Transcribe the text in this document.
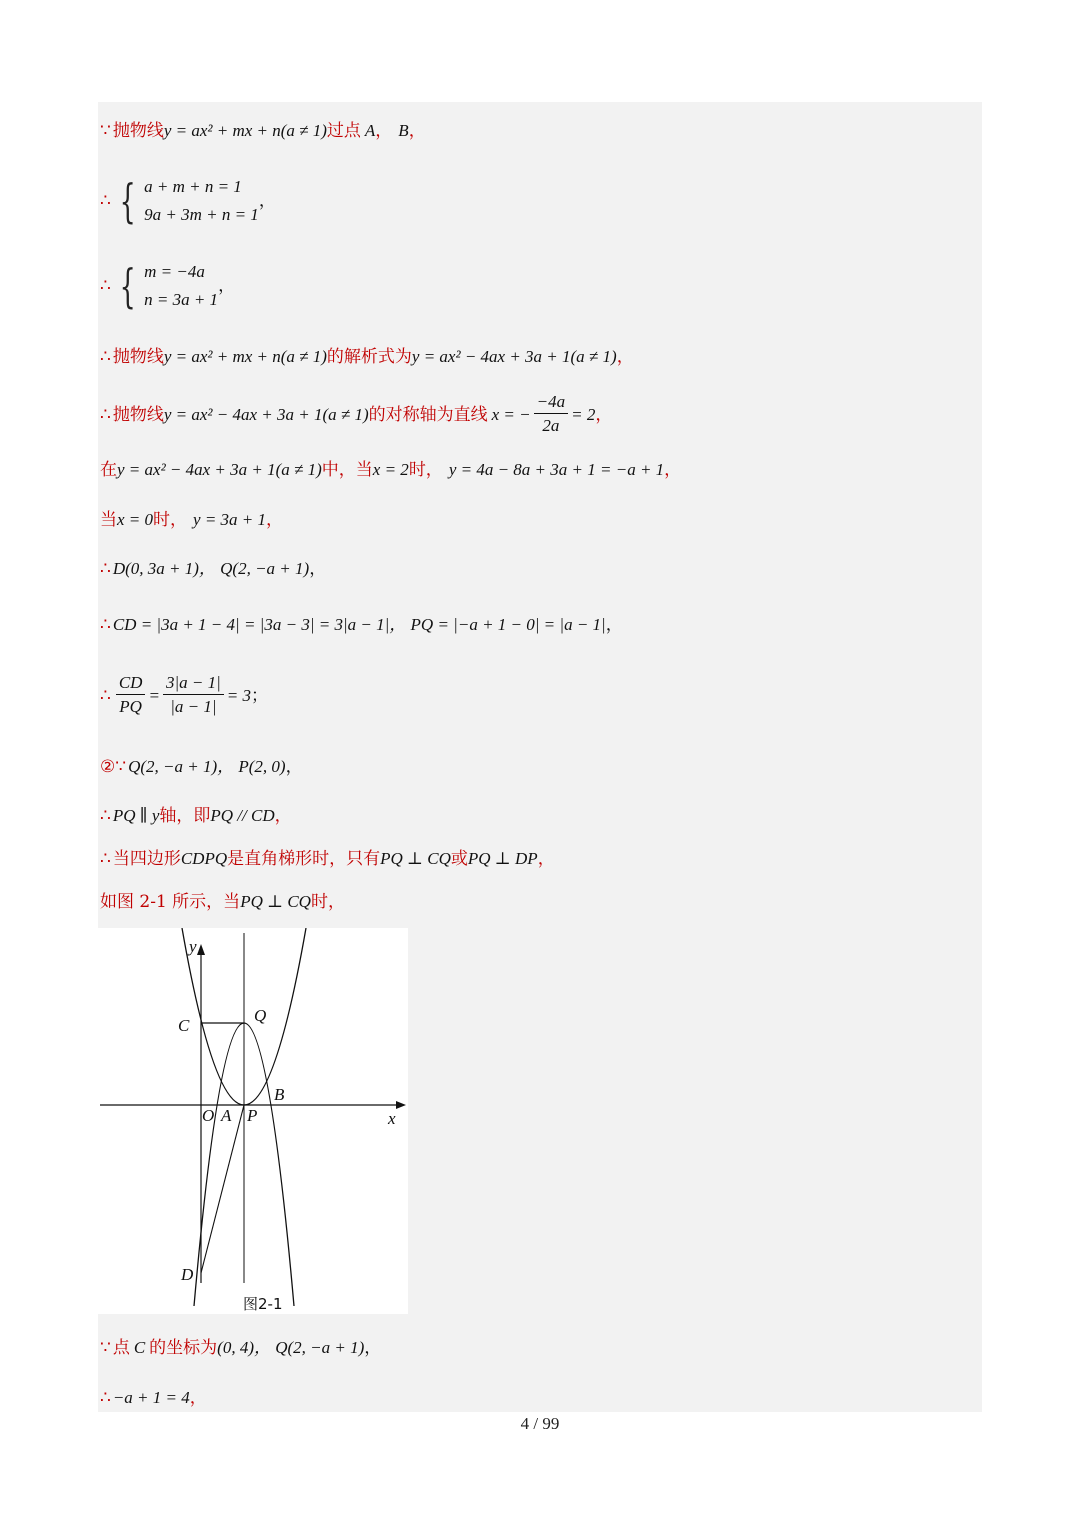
∵ 抛物线 y = ax² + mx + n(a ≠ 1) 过点 A ， B ，
∴ { a + m + n = 1
9a + 3m + n = 1
，
∴ { m = −4a
n = 3a + 1
，
∴ 抛物线 y = ax² + mx + n(a ≠ 1) 的解析式为 y = ax² − 4ax + 3a + 1(a ≠ 1) ，
∴ 抛物线 y = ax² − 4ax + 3a + 1(a ≠ 1) 的对称轴为直线 x = − $\frac{-4a}{2a} = 2$ ，
在 y = ax² − 4ax + 3a + 1(a ≠ 1) 中，当 x = 2 时， y = 4a − 8a + 3a + 1 = −a + 1 ，
当 x = 0 时， y = 3a + 1 ，
∴ D(0, 3a + 1)， Q(2, −a + 1) ，
∴ CD = |3a + 1 − 4| = |3a − 3| = 3|a − 1|， PQ = |−a + 1 − 0| = |a − 1| ，
∴ $\frac{CD}{PQ} = \frac{3|a - 1|}{|a - 1|} = 3$ ；
②∵ Q(2, −a + 1)， P(2, 0) ，
∴ PQ ∥ y 轴，即 PQ // CD ，
∴ 当四边形 CDPQ 是直角梯形时，只有 PQ ⊥ CQ 或 PQ ⊥ DP ，
如图 2-1 所示，当 PQ ⊥ CQ 时，
y
x
C
Q
B
O A P
D
图2-1
∵ 点 C 的坐标为 (0, 4)， Q(2, −a + 1) ，
∴ −a + 1 = 4 ，
4 / 99
